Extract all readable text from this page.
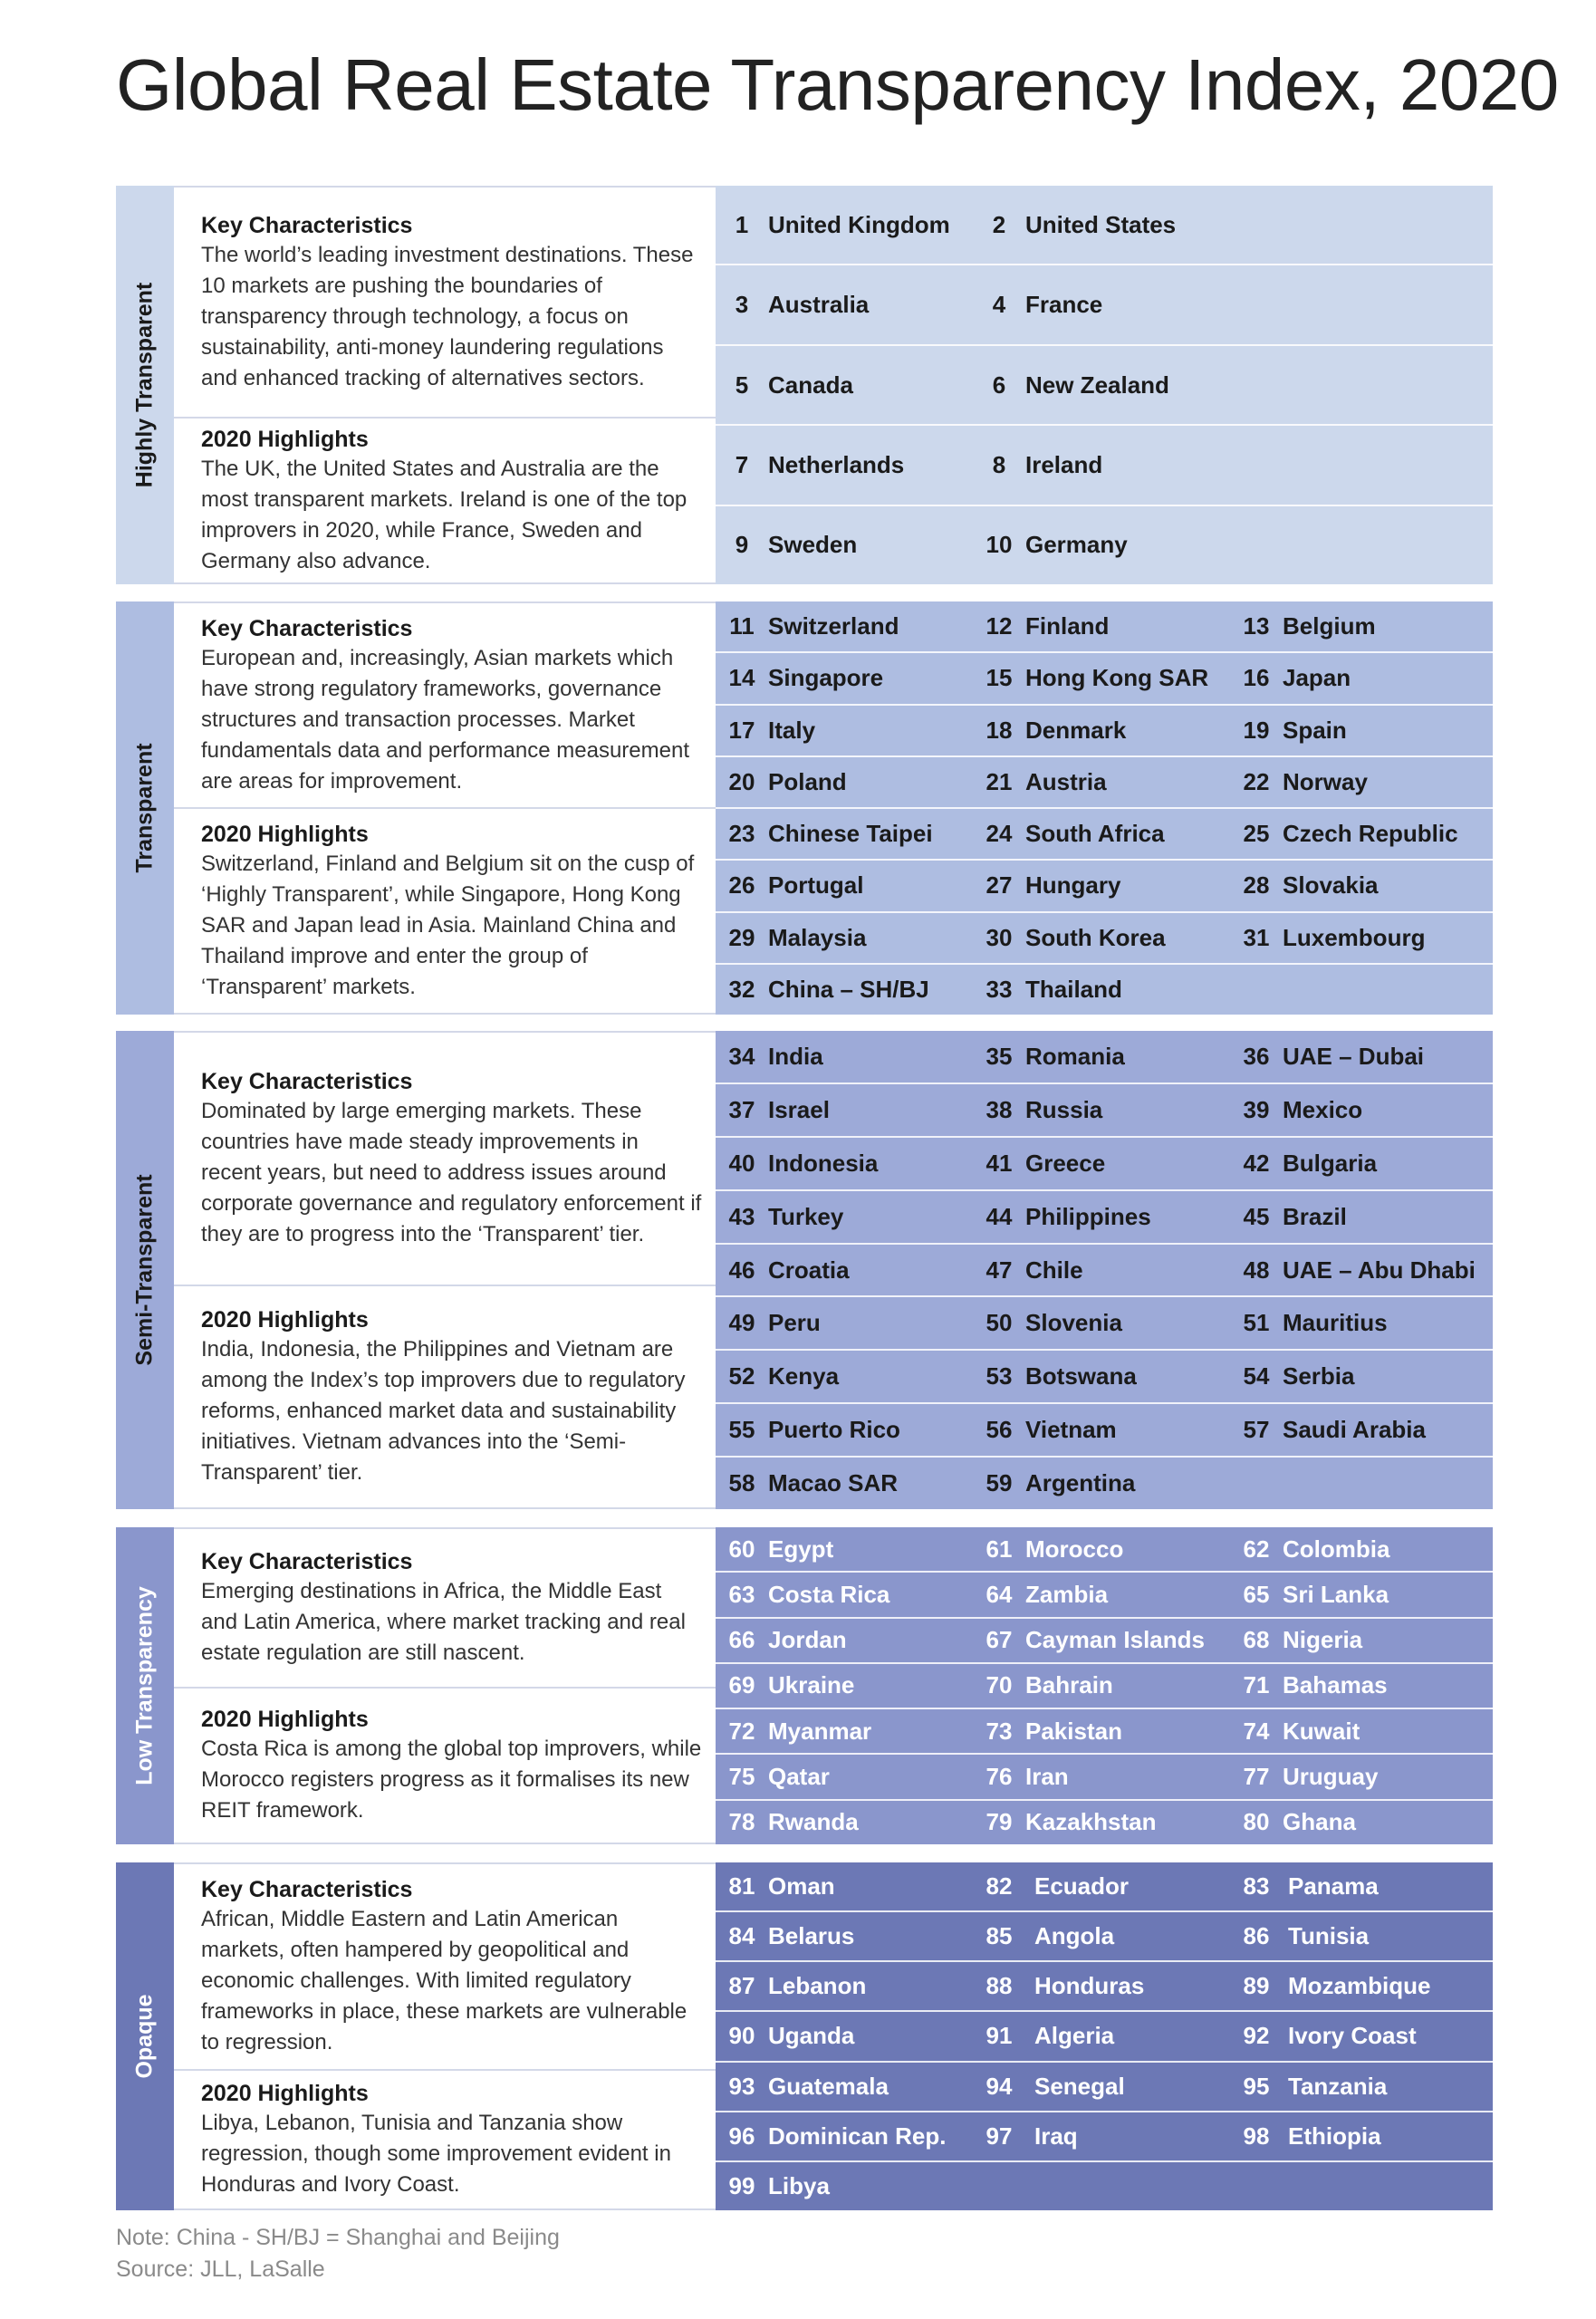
Global Real Estate Transparency Index, 2020
Highly Transparent
Key Characteristics

The world’s leading investment destinations. These 10 markets are pushing the boundaries of transparency through technology, a focus on sustainability, anti-money laundering regulations and enhanced tracking of alternatives sectors.

2020 Highlights

The UK, the United States and Australia are the most transparent markets. Ireland is one of the top improvers in 2020, while France, Sweden and Germany also advance.

1 United Kingdom	2 United States
3 Australia	4 France
5 Canada	6 New Zealand
7 Netherlands	8 Ireland
9 Sweden	10 Germany
Transparent
Key Characteristics

European and, increasingly, Asian markets which have strong regulatory frameworks, governance structures and transaction processes. Market fundamentals data and performance measurement are areas for improvement.

2020 Highlights

Switzerland, Finland and Belgium sit on the cusp of ‘Highly Transparent’, while Singapore, Hong Kong SAR and Japan lead in Asia. Mainland China and Thailand improve and enter the group of ‘Transparent’ markets.

11 Switzerland	12 Finland	13 Belgium
14 Singapore	15 Hong Kong SAR	16 Japan
17 Italy	18 Denmark	19 Spain
20 Poland	21 Austria	22 Norway
23 Chinese Taipei	24 South Africa	25 Czech Republic
26 Portugal	27 Hungary	28 Slovakia
29 Malaysia	30 South Korea	31 Luxembourg
32 China – SH/BJ	33 Thailand
Semi-Transparent
Key Characteristics

Dominated by large emerging markets. These countries have made steady improvements in recent years, but need to address issues around corporate governance and regulatory enforcement if they are to progress into the ‘Transparent’ tier.

2020 Highlights

India, Indonesia, the Philippines and Vietnam are among the Index’s top improvers due to regulatory reforms, enhanced market data and sustainability initiatives. Vietnam advances into the ‘Semi-Transparent’ tier.

34 India	35 Romania	36 UAE – Dubai
37 Israel	38 Russia	39 Mexico
40 Indonesia	41 Greece	42 Bulgaria
43 Turkey	44 Philippines	45 Brazil
46 Croatia	47 Chile	48 UAE – Abu Dhabi
49 Peru	50 Slovenia	51 Mauritius
52 Kenya	53 Botswana	54 Serbia
55 Puerto Rico	56 Vietnam	57 Saudi Arabia
58 Macao SAR	59 Argentina
Low Transparency
Key Characteristics

Emerging destinations in Africa, the Middle East and Latin America, where market tracking and real estate regulation are still nascent.

2020 Highlights

Costa Rica is among the global top improvers, while Morocco registers progress as it formalises its new REIT framework.

60 Egypt	61 Morocco	62 Colombia
63 Costa Rica	64 Zambia	65 Sri Lanka
66 Jordan	67 Cayman Islands	68 Nigeria
69 Ukraine	70 Bahrain	71 Bahamas
72 Myanmar	73 Pakistan	74 Kuwait
75 Qatar	76 Iran	77 Uruguay
78 Rwanda	79 Kazakhstan	80 Ghana
Opaque
Key Characteristics

African, Middle Eastern and Latin American markets, often hampered by geopolitical and economic challenges. With limited regulatory frameworks in place, these markets are vulnerable to regression.

2020 Highlights

Libya, Lebanon, Tunisia and Tanzania show regression, though some improvement evident in Honduras and Ivory Coast.

81 Oman	82 Ecuador	83 Panama
84 Belarus	85 Angola	86 Tunisia
87 Lebanon	88 Honduras	89 Mozambique
90 Uganda	91 Algeria	92 Ivory Coast
93 Guatemala	94 Senegal	95 Tanzania
96 Dominican Rep.	97 Iraq	98 Ethiopia
99 Libya
Note: China - SH/BJ = Shanghai and Beijing
Source: JLL, LaSalle
